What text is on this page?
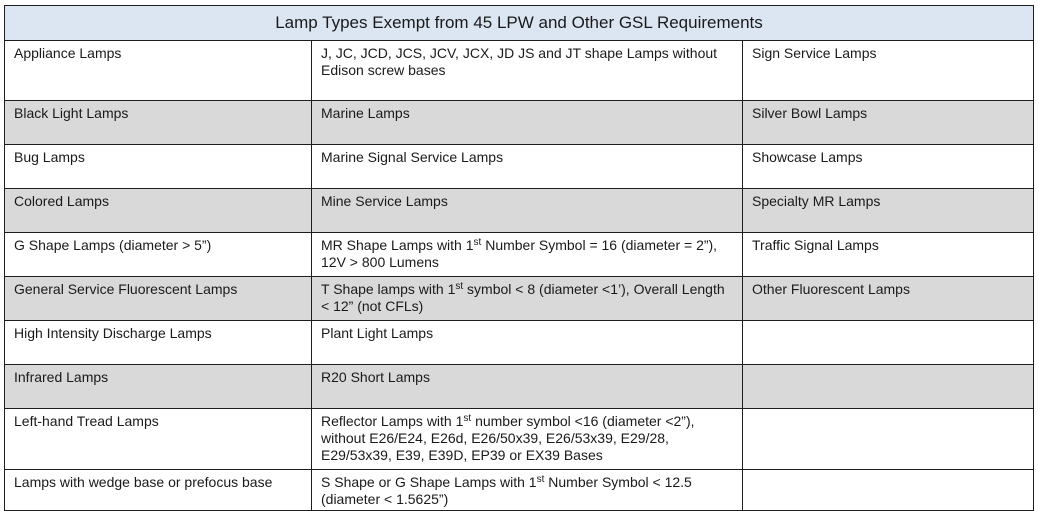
Lamp Types Exempt from 45 LPW and Other GSL Requirements		
Appliance Lamps	J, JC, JCD, JCS, JCV, JCX, JD JS and JT shape Lamps without Edison screw bases	Sign Service Lamps
Black Light Lamps	Marine Lamps	Silver Bowl Lamps
Bug Lamps	Marine Signal Service Lamps	Showcase Lamps
Colored Lamps	Mine Service Lamps	Specialty MR Lamps
G Shape Lamps (diameter > 5”)	MR Shape Lamps with 1st Number Symbol = 16 (diameter = 2”), 12V > 800 Lumens	Traffic Signal Lamps
General Service Fluorescent Lamps	T Shape lamps with 1st symbol < 8 (diameter <1’), Overall Length < 12” (not CFLs)	Other Fluorescent Lamps
High Intensity Discharge Lamps	Plant Light Lamps	
Infrared Lamps	R20 Short Lamps	
Left-hand Tread Lamps	Reflector Lamps with 1st number symbol <16 (diameter <2”), without E26/E24, E26d, E26/50x39, E26/53x39, E29/28, E29/53x39, E39, E39D, EP39 or EX39 Bases	
Lamps with wedge base or prefocus base	S Shape or G Shape Lamps with 1st Number Symbol < 12.5 (diameter < 1.5625”)	
